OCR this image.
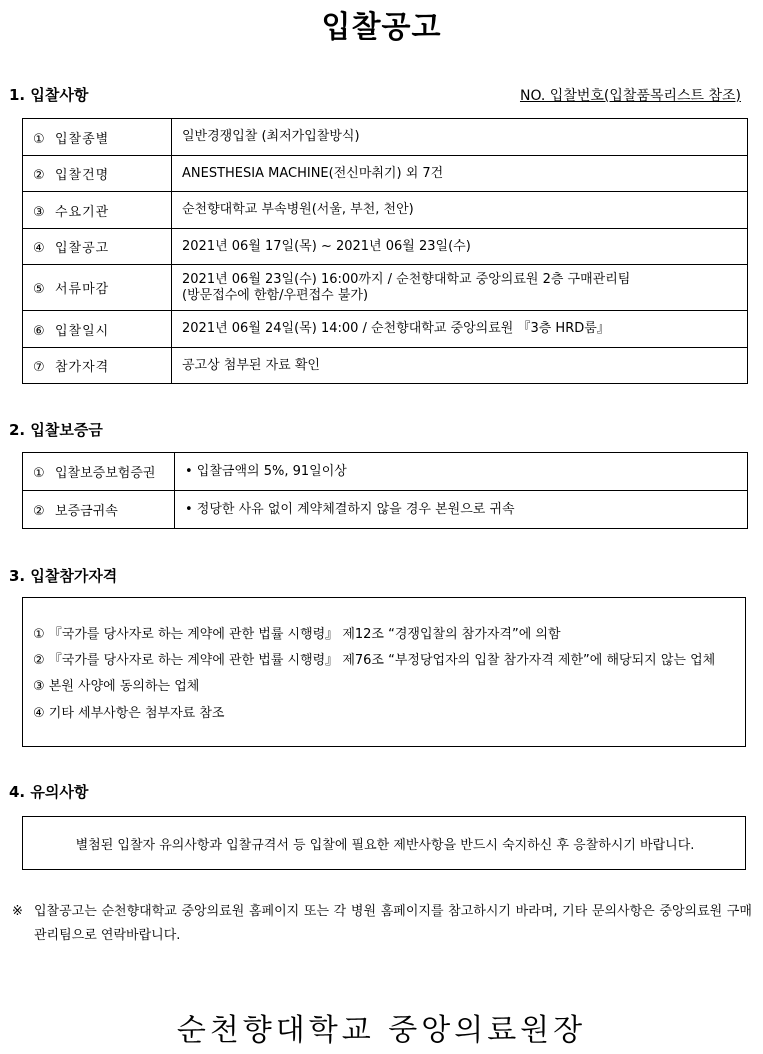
입찰공고
1. 입찰사항	NO. 입찰번호(입찰품목리스트 참조)
① 입찰종별	일반경쟁입찰 (최저가입찰방식)
② 입찰건명	ANESTHESIA MACHINE(전신마취기) 외 7건
③ 수요기관	순천향대학교 부속병원(서울, 부천, 천안)
④ 입찰공고	2021년 06월 17일(목) ~ 2021년 06월 23일(수)
⑤ 서류마감	2021년 06월 23일(수) 16:00까지 / 순천향대학교 중앙의료원 2층 구매관리팀
(방문접수에 한함/우편접수 불가)

⑥ 입찰일시	2021년 06월 24일(목) 14:00 / 순천향대학교 중앙의료원 『3층 HRD룸』
⑦ 참가자격	공고상 첨부된 자료 확인
2. 입찰보증금
① 입찰보증보험증권	• 입찰금액의 5%, 91일이상
② 보증금귀속	• 정당한 사유 없이 계약체결하지 않을 경우 본원으로 귀속
3. 입찰참가자격
① 『국가를 당사자로 하는 계약에 관한 법률 시행령』 제12조 “경쟁입찰의 참가자격”에 의함
② 『국가를 당사자로 하는 계약에 관한 법률 시행령』 제76조 “부정당업자의 입찰 참가자격 제한”에 해당되지 않는 업체
③ 본원 사양에 동의하는 업체
④ 기타 세부사항은 첨부자료 참조
4. 유의사항
별첨된 입찰자 유의사항과 입찰규격서 등 입찰에 필요한 제반사항을 반드시 숙지하신 후 응찰하시기 바랍니다.
※ 입찰공고는 순천향대학교 중앙의료원 홈페이지 또는 각 병원 홈페이지를 참고하시기 바라며, 기타 문의사항은 중앙의료원 구매관리팀으로 연락바랍니다.
순천향대학교 중앙의료원장
